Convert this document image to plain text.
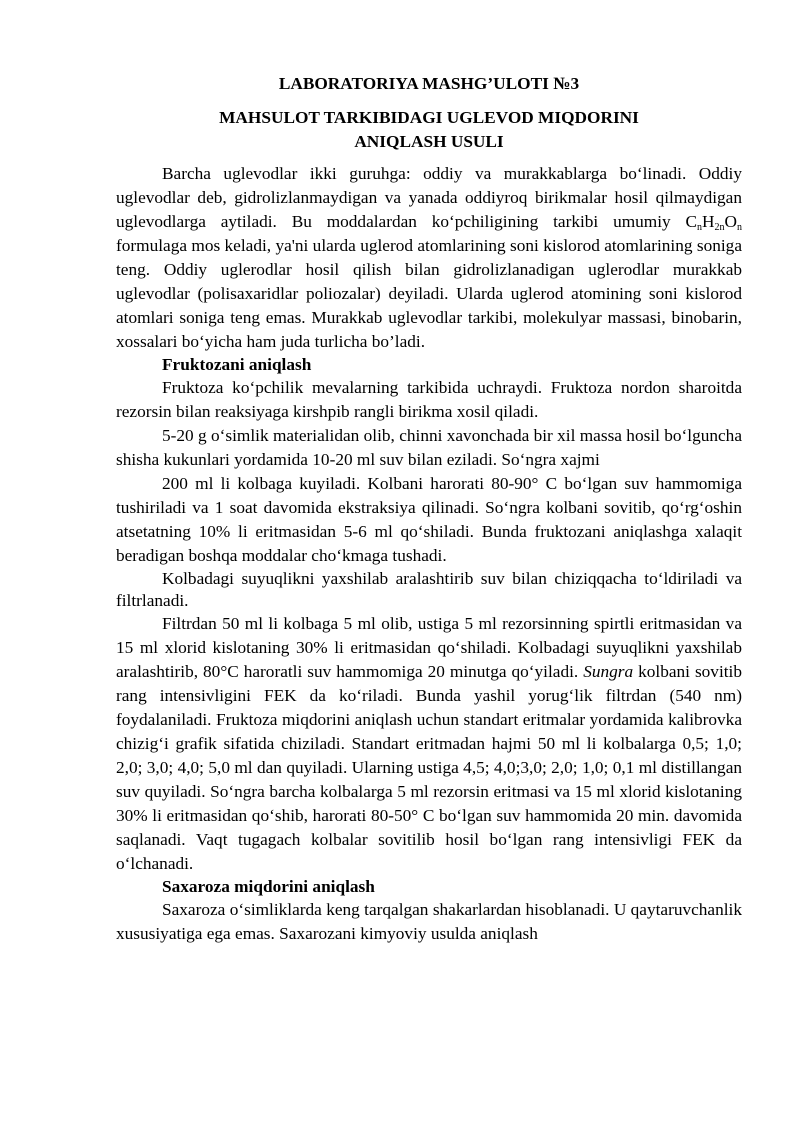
LABORATORIYA MASHG’ULOTI №3
MAHSULOT TARKIBIDAGI UGLEVOD MIQDORINI
ANIQLASH USULI

Barcha uglevodlar ikki guruhga: oddiy va murakkablarga bo‘linadi. Oddiy uglevodlar deb, gidrolizlanmaydigan va yanada oddiyroq birikmalar hosil qilmaydigan uglevodlarga aytiladi. Bu moddalardan ko‘pchiligining tarkibi umumiy $C_nH_{2n}O_n$ formulaga mos keladi, ya'ni ularda uglerod atomlarining soni kislorod atomlarining soniga teng. Oddiy uglerodlar hosil qilish bilan gidrolizlanadigan uglerodlar murakkab uglevodlar (polisaxaridlar poliozalar) deyiladi. Ularda uglerod atomining soni kislorod atomlari soniga teng emas. Murakkab uglevodlar tarkibi, molekulyar massasi, binobarin, xossalari bo‘yicha ham juda turlicha bo’ladi.

Fruktozani aniqlash

Fruktoza ko‘pchilik mevalarning tarkibida uchraydi. Fruktoza nordon sharoitda rezorsin bilan reaksiyaga kirshpib rangli birikma xosil qiladi.

5-20 g o‘simlik materialidan olib, chinni xavonchada bir xil massa hosil bo‘lguncha shisha kukunlari yordamida 10-20 ml suv bilan eziladi. So‘ngra xajmi

200 ml li kolbaga kuyiladi. Kolbani harorati 80-90° C bo‘lgan suv hammomiga tushiriladi va 1 soat davomida ekstraksiya qilinadi. So‘ngra kolbani sovitib, qo‘rg‘oshin atsetatning 10% li eritmasidan 5-6 ml qo‘shiladi. Bunda fruktozani aniqlashga xalaqit beradigan boshqa moddalar cho‘kmaga tushadi.

Kolbadagi suyuqlikni yaxshilab aralashtirib suv bilan chiziqqacha to‘ldiriladi va filtrlanadi.

Filtrdan 50 ml li kolbaga 5 ml olib, ustiga 5 ml rezorsinning spirtli eritmasidan va 15 ml xlorid kislotaning 30% li eritmasidan qo‘shiladi. Kolbadagi suyuqlikni yaxshilab aralashtirib, 80°C haroratli suv hammomiga 20 minutga qo‘yiladi. Sungra kolbani sovitib rang intensivligini FEK da ko‘riladi. Bunda yashil yorug‘lik filtrdan (540 nm) foydalaniladi. Fruktoza miqdorini aniqlash uchun standart eritmalar yordamida kalibrovka chizig‘i grafik sifatida chiziladi. Standart eritmadan hajmi 50 ml li kolbalarga 0,5; 1,0; 2,0; 3,0; 4,0; 5,0 ml dan quyiladi. Ularning ustiga 4,5; 4,0;3,0; 2,0; 1,0; 0,1 ml distillangan suv quyiladi. So‘ngra barcha kolbalarga 5 ml rezorsin eritmasi va 15 ml xlorid kislotaning 30% li eritmasidan qo‘shib, harorati 80-50° C bo‘lgan suv hammomida 20 min. davomida saqlanadi. Vaqt tugagach kolbalar sovitilib hosil bo‘lgan rang intensivligi FEK da o‘lchanadi.

Saxaroza miqdorini aniqlash

Saxaroza o‘simliklarda keng tarqalgan shakarlardan hisoblanadi. U qaytaruvchanlik xususiyatiga ega emas. Saxarozani kimyoviy usulda aniqlash
